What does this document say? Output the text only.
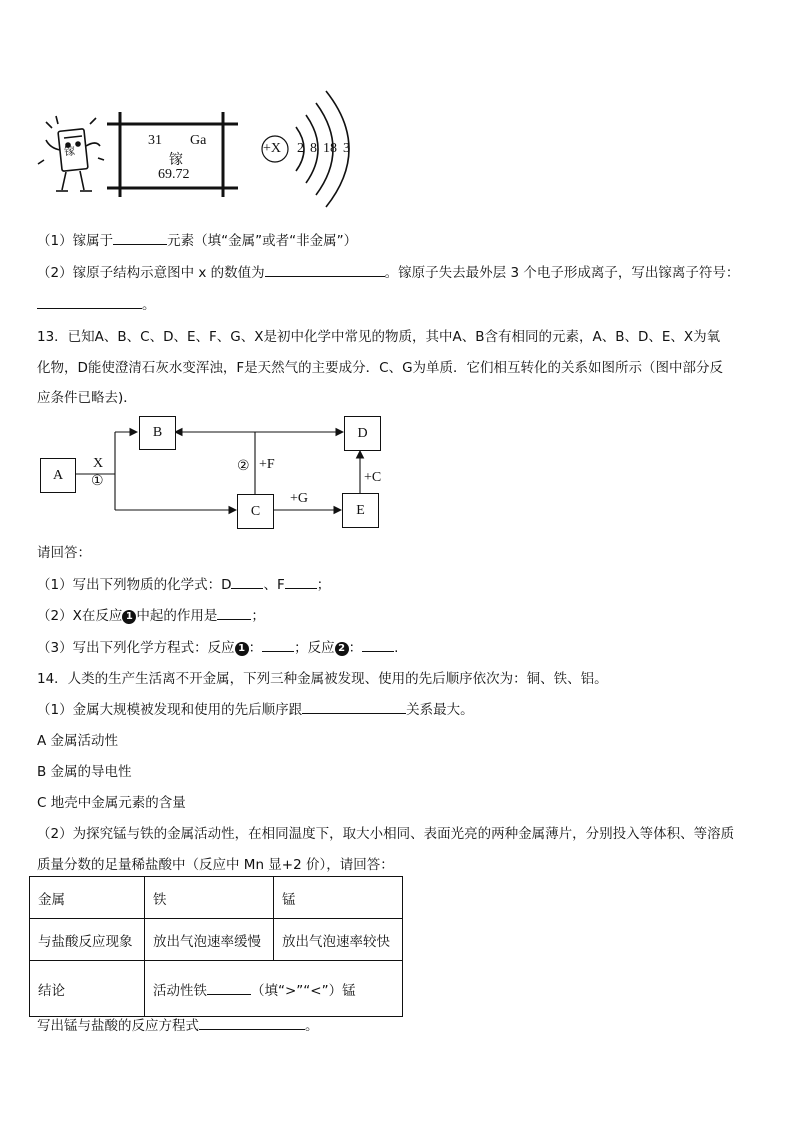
镓
31 Ga
镓
69.72
+X 2 8 18 3
（1）镓属于	元素（填“金属”或者“非金属”）
（2）镓原子结构示意图中 x 的数值为	。镓原子失去最外层 3 个电子形成离子，写出镓离子符号：
。
13．已知A、B、C、D、E、F、G、X是初中化学中常见的物质，其中A、B含有相同的元素，A、B、D、E、X为氧
化物，D能使澄清石灰水变浑浊，F是天然气的主要成分．C、G为单质．它们相互转化的关系如图所示（图中部分反
应条件已略去)．
A
B	D
C	E
X
①
② +F
+G
+C
请回答：
（1）写出下列物质的化学式：D 、F ；
（2）X在反应 1 中起的作用是	；
（3）写出下列化学方程式：反应 1 ： ；反应 2 ： .
14．人类的生产生活离不开金属，下列三种金属被发现、使用的先后顺序依次为：铜、铁、铝。
（1）金属大规模被发现和使用的先后顺序跟	关系最大。
A 金属活动性
B 金属的导电性
C 地壳中金属元素的含量
（2）为探究锰与铁的金属活动性，在相同温度下，取大小相同、表面光亮的两种金属薄片，分别投入等体积、等溶质
质量分数的足量稀盐酸中（反应中 Mn 显+2 价），请回答：
金属	铁	锰
与盐酸反应现象	放出气泡速率缓慢	放出气泡速率较快
结论	活动性铁 （填“>”“<”）锰	
写出锰与盐酸的反应方程式	。
